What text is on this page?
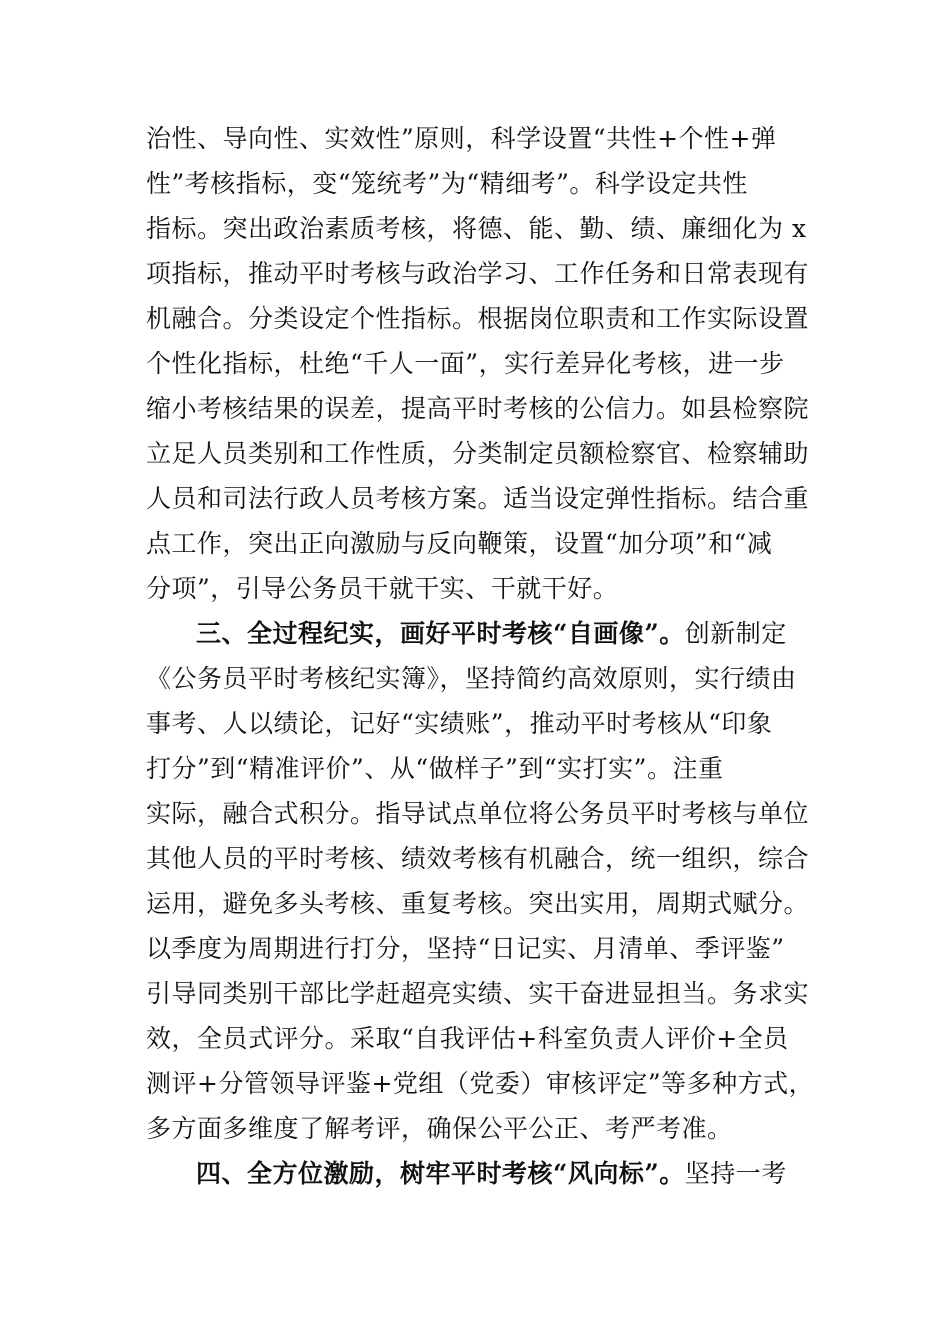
治性、导向性、实效性”原则，科学设置“共性+个性+弹
性”考核指标，变“笼统考”为“精细考”。科学设定共性
指标。突出政治素质考核，将德、能、勤、绩、廉细化为 x
项指标，推动平时考核与政治学习、工作任务和日常表现有
机融合。分类设定个性指标。根据岗位职责和工作实际设置
个性化指标，杜绝“千人一面”，实行差异化考核，进一步
缩小考核结果的误差，提高平时考核的公信力。如县检察院
立足人员类别和工作性质，分类制定员额检察官、检察辅助
人员和司法行政人员考核方案。适当设定弹性指标。结合重
点工作，突出正向激励与反向鞭策，设置“加分项”和“减
分项”，引导公务员干就干实、干就干好。
三、全过程纪实，画好平时考核“自画像”。创新制定
《公务员平时考核纪实簿》，坚持简约高效原则，实行绩由
事考、人以绩论，记好“实绩账”，推动平时考核从“印象
打分”到“精准评价”、从“做样子”到“实打实”。注重
实际，融合式积分。指导试点单位将公务员平时考核与单位
其他人员的平时考核、绩效考核有机融合，统一组织，综合
运用，避免多头考核、重复考核。突出实用，周期式赋分。
以季度为周期进行打分，坚持“日记实、月清单、季评鉴”
引导同类别干部比学赶超亮实绩、实干奋进显担当。务求实
效，全员式评分。采取“自我评估+科室负责人评价+全员
测评+分管领导评鉴+党组（党委）审核评定”等多种方式，
多方面多维度了解考评，确保公平公正、考严考准。
四、全方位激励，树牢平时考核“风向标”。坚持一考
